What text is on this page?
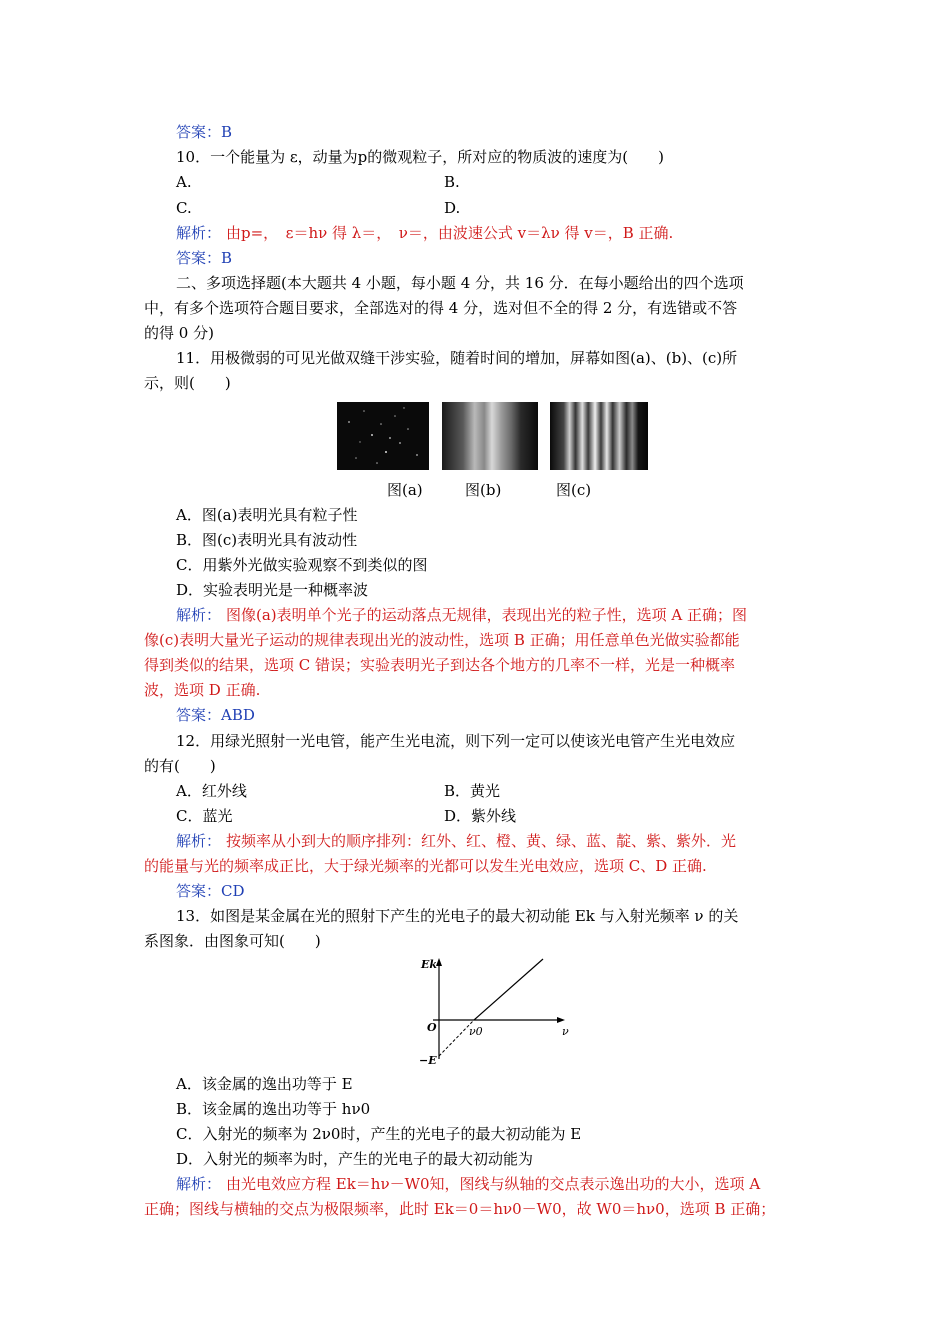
答案：B
10．一个能量为 ε，动量为p的微观粒子，所对应的物质波的速度为(　　)
A.	B.
C.	D.
解析： 由p=，　ε＝hν 得 λ＝，　ν＝，由波速公式 v＝λν 得 v＝，B 正确.
答案：B
二、多项选择题(本大题共 4 小题，每小题 4 分，共 16 分．在每小题给出的四个选项
中，有多个选项符合题目要求，全部选对的得 4 分，选对但不全的得 2 分，有选错或不答
的得 0 分)
11．用极微弱的可见光做双缝干涉实验，随着时间的增加，屏幕如图(a)、(b)、(c)所
示，则(　　)
图(a)	图(b)	图(c)
A．图(a)表明光具有粒子性
B．图(c)表明光具有波动性
C．用紫外光做实验观察不到类似的图
D．实验表明光是一种概率波
解析： 图像(a)表明单个光子的运动落点无规律，表现出光的粒子性，选项 A 正确；图
像(c)表明大量光子运动的规律表现出光的波动性，选项 B 正确；用任意单色光做实验都能
得到类似的结果，选项 C 错误；实验表明光子到达各个地方的几率不一样，光是一种概率
波，选项 D 正确.
答案：ABD
12．用绿光照射一光电管，能产生光电流，则下列一定可以使该光电管产生光电效应
的有(　　)
A．红外线	B．黄光
C．蓝光	D．紫外线
解析： 按频率从小到大的顺序排列：红外、红、橙、黄、绿、蓝、靛、紫、紫外．光
的能量与光的频率成正比，大于绿光频率的光都可以发生光电效应，选项 C、D 正确.
答案：CD
13．如图是某金属在光的照射下产生的光电子的最大初动能 Ek 与入射光频率 ν 的关
系图象．由图象可知(　　)
Ek
O	ν0	ν
−E
A．该金属的逸出功等于 E
B．该金属的逸出功等于 hν0
C．入射光的频率为 2ν0时，产生的光电子的最大初动能为 E
D．入射光的频率为时，产生的光电子的最大初动能为
解析： 由光电效应方程 Ek＝hν－W0知，图线与纵轴的交点表示逸出功的大小，选项 A
正确；图线与横轴的交点为极限频率，此时 Ek＝0＝hν0－W0，故 W0＝hν0，选项 B 正确；
